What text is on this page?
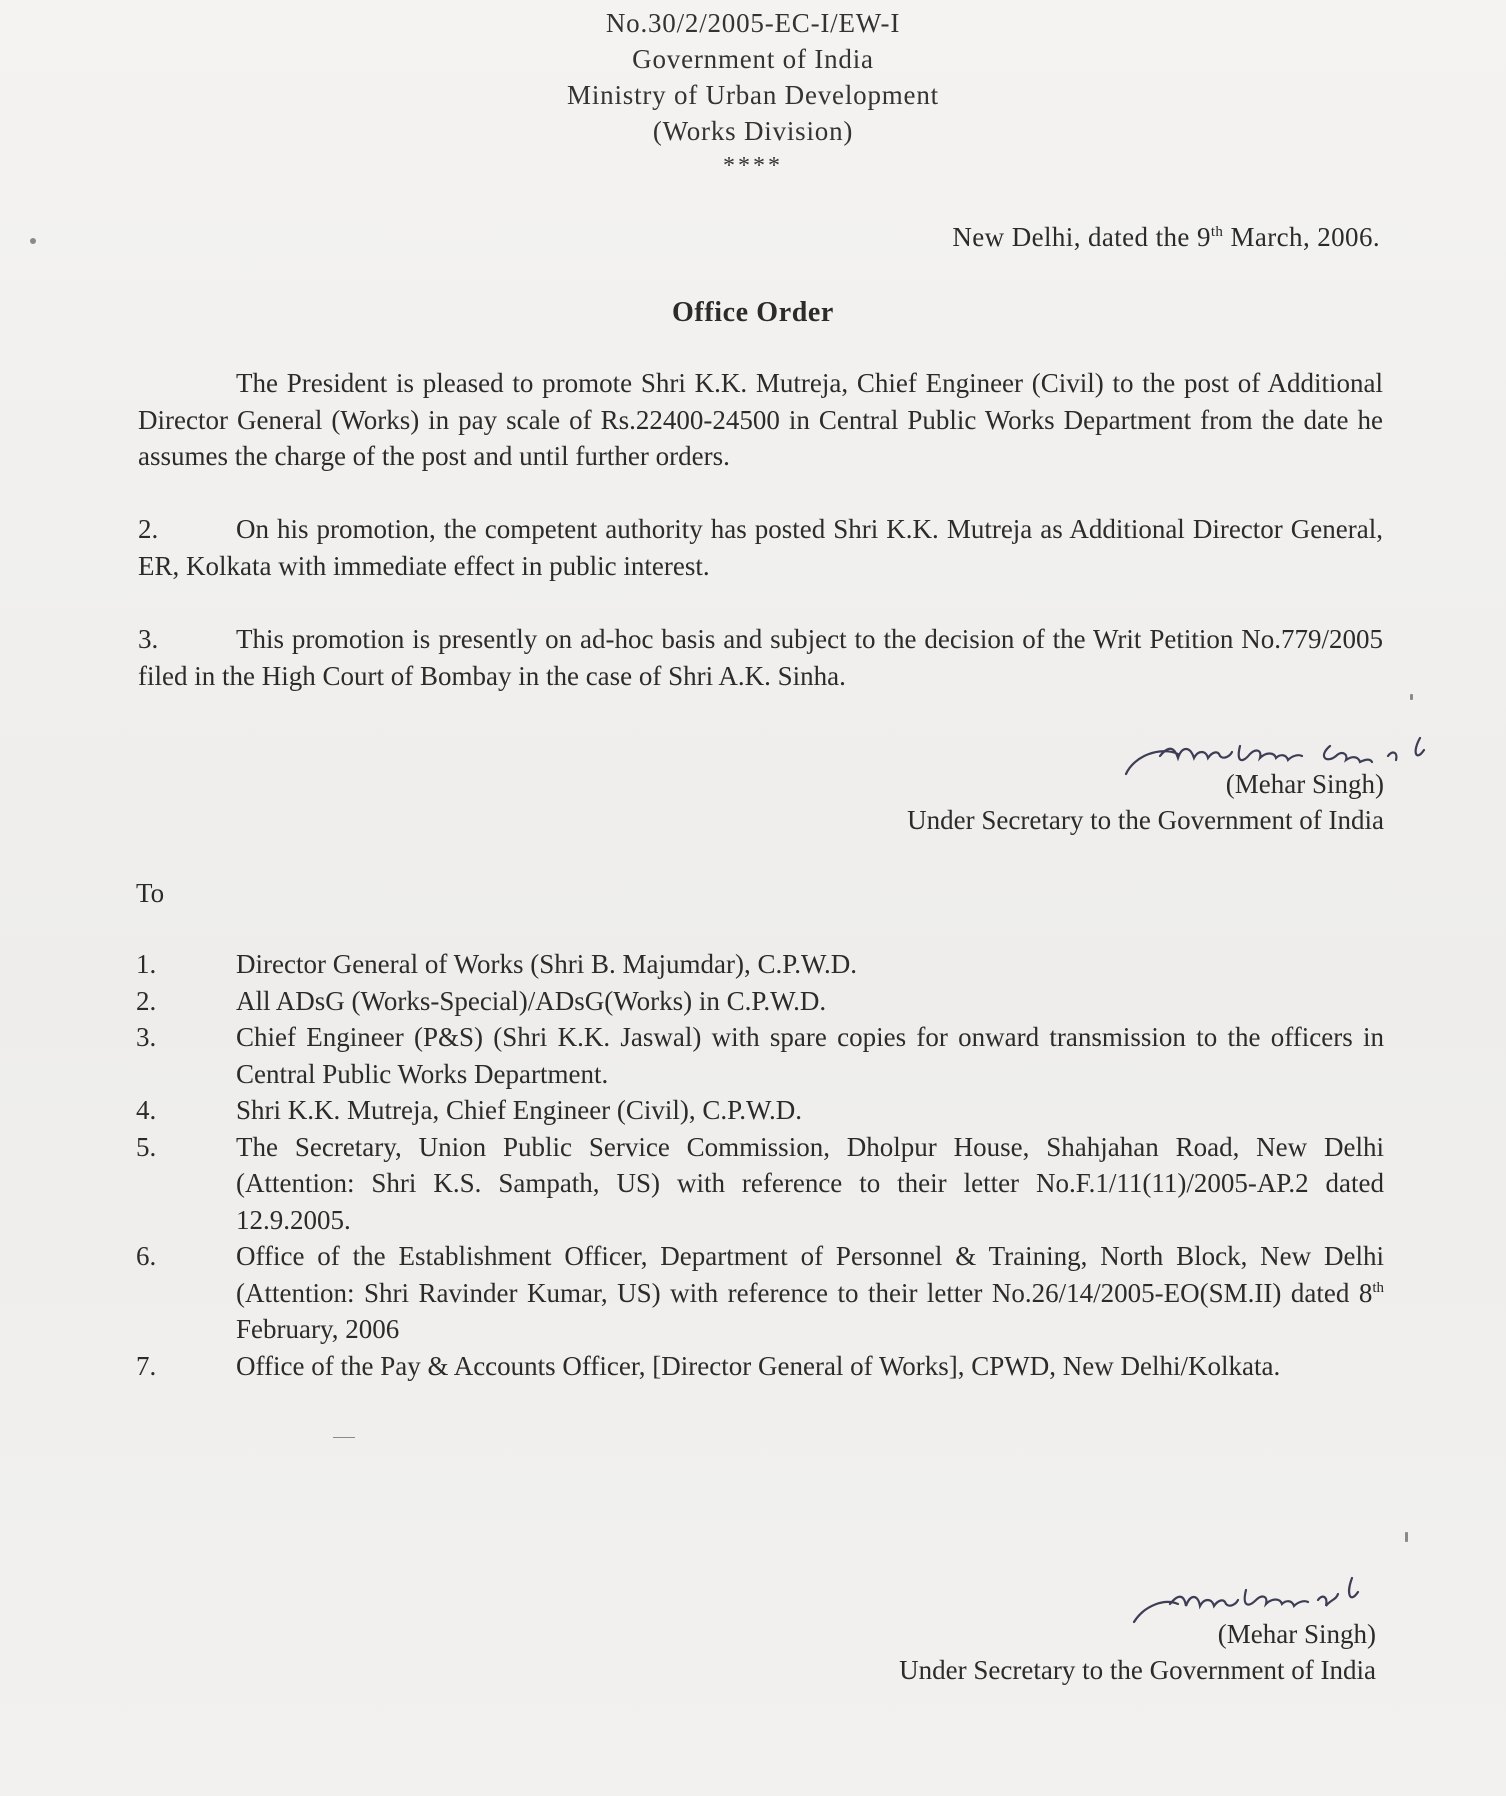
No.30/2/2005-EC-I/EW-I
Government of India
Ministry of Urban Development
(Works Division)
****
New Delhi, dated the 9th March, 2006.
Office Order
The President is pleased to promote Shri K.K. Mutreja, Chief Engineer (Civil) to the post of Additional Director General (Works) in pay scale of Rs.22400-24500 in Central Public Works Department from the date he assumes the charge of the post and until further orders.
2.	On his promotion, the competent authority has posted Shri K.K. Mutreja as Additional Director General, ER, Kolkata with immediate effect in public interest.
3.	This promotion is presently on ad-hoc basis and subject to the decision of the Writ Petition No.779/2005 filed in the High Court of Bombay in the case of Shri A.K. Sinha.
(Mehar Singh)
Under Secretary to the Government of India
To
1.	Director General of Works (Shri B. Majumdar), C.P.W.D.
2.	All ADsG (Works-Special)/ADsG(Works) in C.P.W.D.
3.	Chief Engineer (P&S) (Shri K.K. Jaswal) with spare copies for onward transmission to the officers in Central Public Works Department.
4.	Shri K.K. Mutreja, Chief Engineer (Civil), C.P.W.D.
5.	The Secretary, Union Public Service Commission, Dholpur House, Shahjahan Road, New Delhi (Attention: Shri K.S. Sampath, US) with reference to their letter No.F.1/11(11)/2005-AP.2 dated 12.9.2005.
6.	Office of the Establishment Officer, Department of Personnel & Training, North Block, New Delhi (Attention: Shri Ravinder Kumar, US) with reference to their letter No.26/14/2005-EO(SM.II) dated 8th February, 2006
7.	Office of the Pay & Accounts Officer, [Director General of Works], CPWD, New Delhi/Kolkata.
(Mehar Singh)
Under Secretary to the Government of India
